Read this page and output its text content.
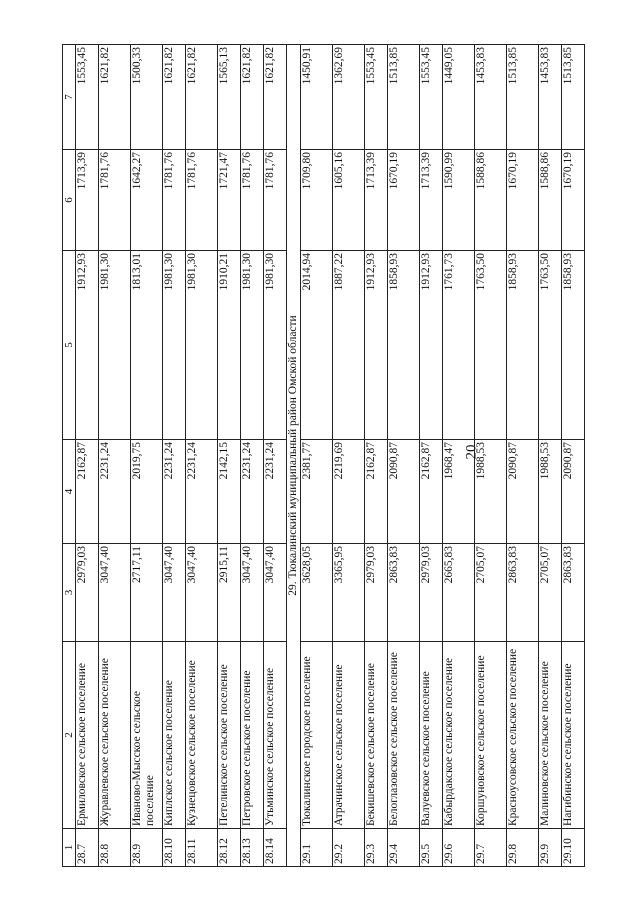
20
1	2	3	4	5	6	7
28.7	Ермиловское сельское поселение	2979,03	2162,87	1912,93	1713,39	1553,45
28.8	Журавлевское сельское поселение	3047,40	2231,24	1981,30	1781,76	1621,82
28.9	Иваново-Мысское сельское поселение	2717,11	2019,75	1813,01	1642,27	1500,33
28.10	Киплское сельское поселение	3047,40	2231,24	1981,30	1781,76	1621,82
28.11	Кузнецовское сельское поселение	3047,40	2231,24	1981,30	1781,76	1621,82
28.12	Петелинское сельское поселение	2915,11	2142,15	1910,21	1721,47	1565,13
28.13	Петровское сельское поселение	3047,40	2231,24	1981,30	1781,76	1621,82
28.14	Утьминское сельское поселение	3047,40	2231,24	1981,30	1781,76	1621,82
29. Тюкалинский муниципальный район Омской области						
29.1	Тюкалинское городское поселение	3628,05	2381,77	2014,94	1709,80	1450,91
29.2	Атрачинское сельское поселение	3365,95	2219,69	1887,22	1605,16	1362,69
29.3	Бекишевское сельское поселение	2979,03	2162,87	1912,93	1713,39	1553,45
29.4	Белоглазовское сельское поселение	2863,83	2090,87	1858,93	1670,19	1513,85
29.5	Валуевское сельское поселение	2979,03	2162,87	1912,93	1713,39	1553,45
29.6	Кабырдакское сельское поселение	2665,83	1968,47	1761,73	1590,99	1449,05
29.7	Коршуновское сельское поселение	2705,07	1988,53	1763,50	1588,86	1453,83
29.8	Красноусовское сельское поселение	2863,83	2090,87	1858,93	1670,19	1513,85
29.9	Малиновское сельское поселение	2705,07	1988,53	1763,50	1588,86	1453,83
29.10	Нагибинское сельское поселение	2863,83	2090,87	1858,93	1670,19	1513,85
